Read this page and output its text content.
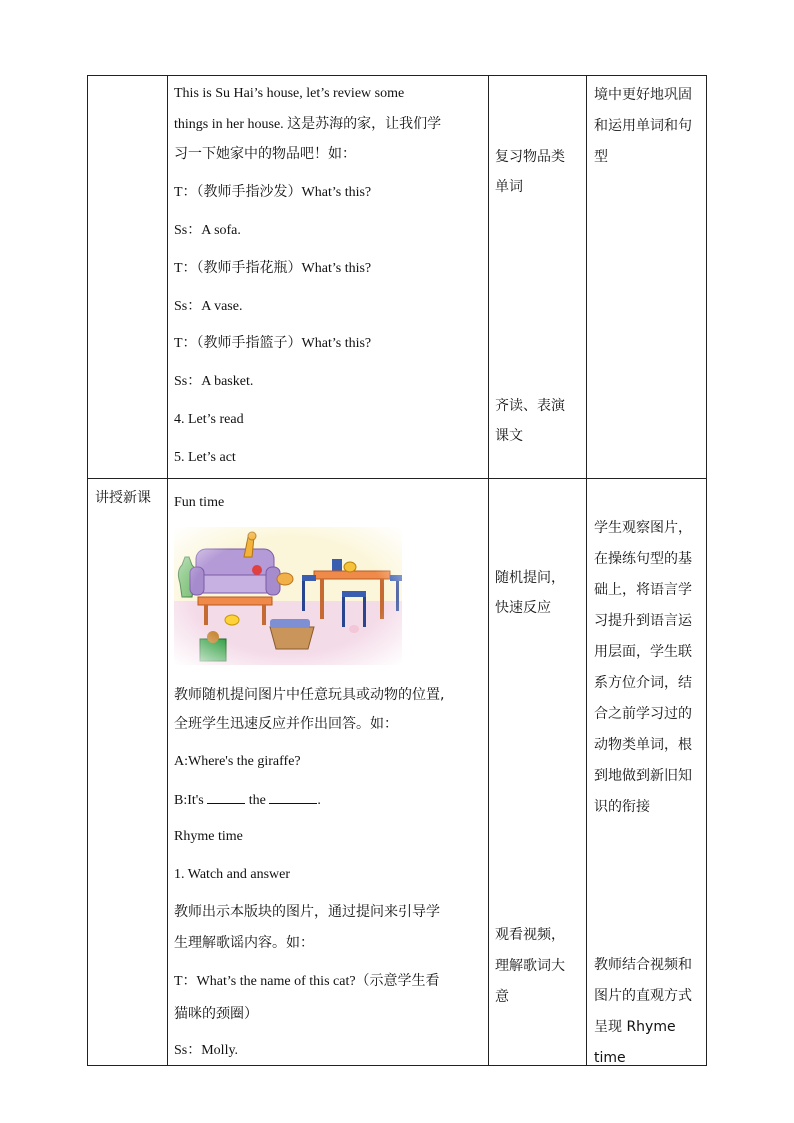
This is Su Hai’s house, let’s review some
things in her house. 这是苏海的家，让我们学
习一下她家中的物品吧！如：
T：（教师手指沙发）What’s this?
Ss：A sofa.
T：（教师手指花瓶）What’s this?
Ss：A vase.
T：（教师手指篮子）What’s this?
Ss：A basket.
4. Let’s read
5. Let’s act
复习物品类
单词
齐读、表演
课文
境中更好地巩固
和运用单词和句
型
讲授新课 Fun time
教师随机提问图片中任意玩具或动物的位置,
全班学生迅速反应并作出回答。如：
A:Where's the giraffe?
B:It's	the	.
Rhyme time
1. Watch and answer
教师出示本版块的图片，通过提问来引导学
生理解歌谣内容。如：
T：What’s the name of this cat?（示意学生看
猫咪的颈圈）
Ss：Molly.
随机提问，
快速反应
观看视频，
理解歌词大
意
学生观察图片，
在操练句型的基
础上，将语言学
习提升到语言运
用层面，学生联
系方位介词，结
合之前学习过的
动物类单词，根
到地做到新旧知
识的衔接
教师结合视频和
图片的直观方式
呈现 Rhyme time
